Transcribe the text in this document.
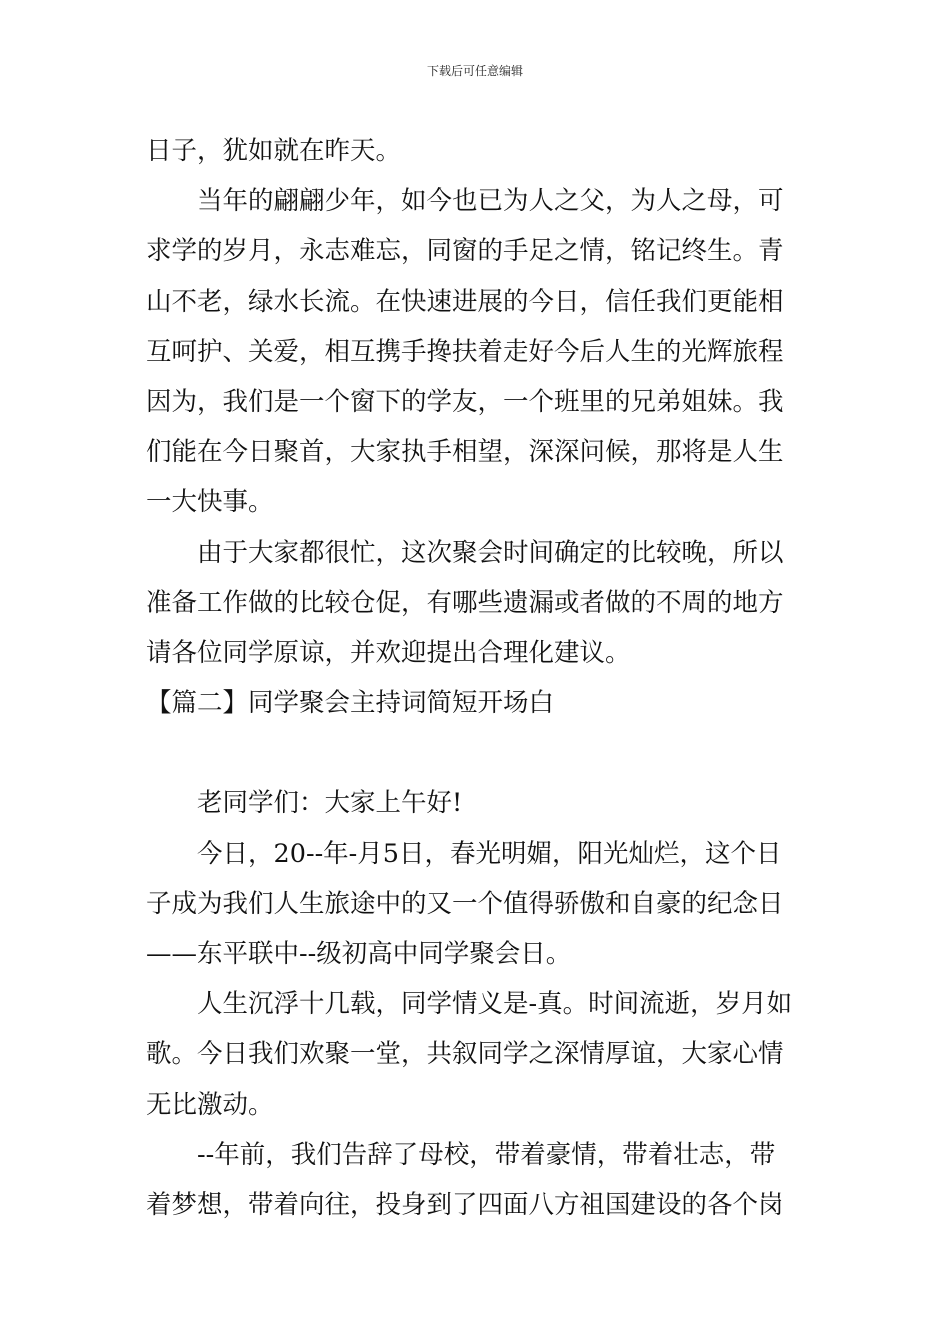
下载后可任意编辑
日子，犹如就在昨天。
当年的翩翩少年，如今也已为人之父，为人之母，可
求学的岁月，永志难忘，同窗的手足之情，铭记终生。青
山不老，绿水长流。在快速进展的今日，信任我们更能相
互呵护、关爱，相互携手搀扶着走好今后人生的光辉旅程
因为，我们是一个窗下的学友，一个班里的兄弟姐妹。我
们能在今日聚首，大家执手相望，深深问候，那将是人生
一大快事。
由于大家都很忙，这次聚会时间确定的比较晚，所以
准备工作做的比较仓促，有哪些遗漏或者做的不周的地方
请各位同学原谅，并欢迎提出合理化建议。
【篇二】同学聚会主持词简短开场白
老同学们：大家上午好!
今日，20--年-月5日，春光明媚，阳光灿烂，这个日
子成为我们人生旅途中的又一个值得骄傲和自豪的纪念日
——东平联中--级初高中同学聚会日。
人生沉浮十几载，同学情义是-真。时间流逝，岁月如
歌。今日我们欢聚一堂，共叙同学之深情厚谊，大家心情
无比激动。
--年前，我们告辞了母校，带着豪情，带着壮志，带
着梦想，带着向往，投身到了四面八方祖国建设的各个岗
